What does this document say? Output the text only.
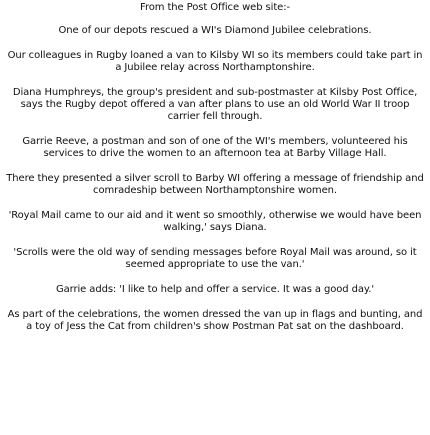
From the Post Office web site:-

One of our depots rescued a WI's Diamond Jubilee celebrations.

Our colleagues in Rugby loaned a van to Kilsby WI so its members could take part in a Jubilee relay across Northamptonshire.

Diana Humphreys, the group's president and sub-postmaster at Kilsby Post Office, says the Rugby depot offered a van after plans to use an old World War II troop carrier fell through.

Garrie Reeve, a postman and son of one of the WI's members, volunteered his services to drive the women to an afternoon tea at Barby Village Hall.

There they presented a silver scroll to Barby WI offering a message of friendship and comradeship between Northamptonshire women.

'Royal Mail came to our aid and it went so smoothly, otherwise we would have been walking,' says Diana.

'Scrolls were the old way of sending messages before Royal Mail was around, so it seemed appropriate to use the van.'

Garrie adds: 'I like to help and offer a service. It was a good day.'

As part of the celebrations, the women dressed the van up in flags and bunting, and a toy of Jess the Cat from children's show Postman Pat sat on the dashboard.
